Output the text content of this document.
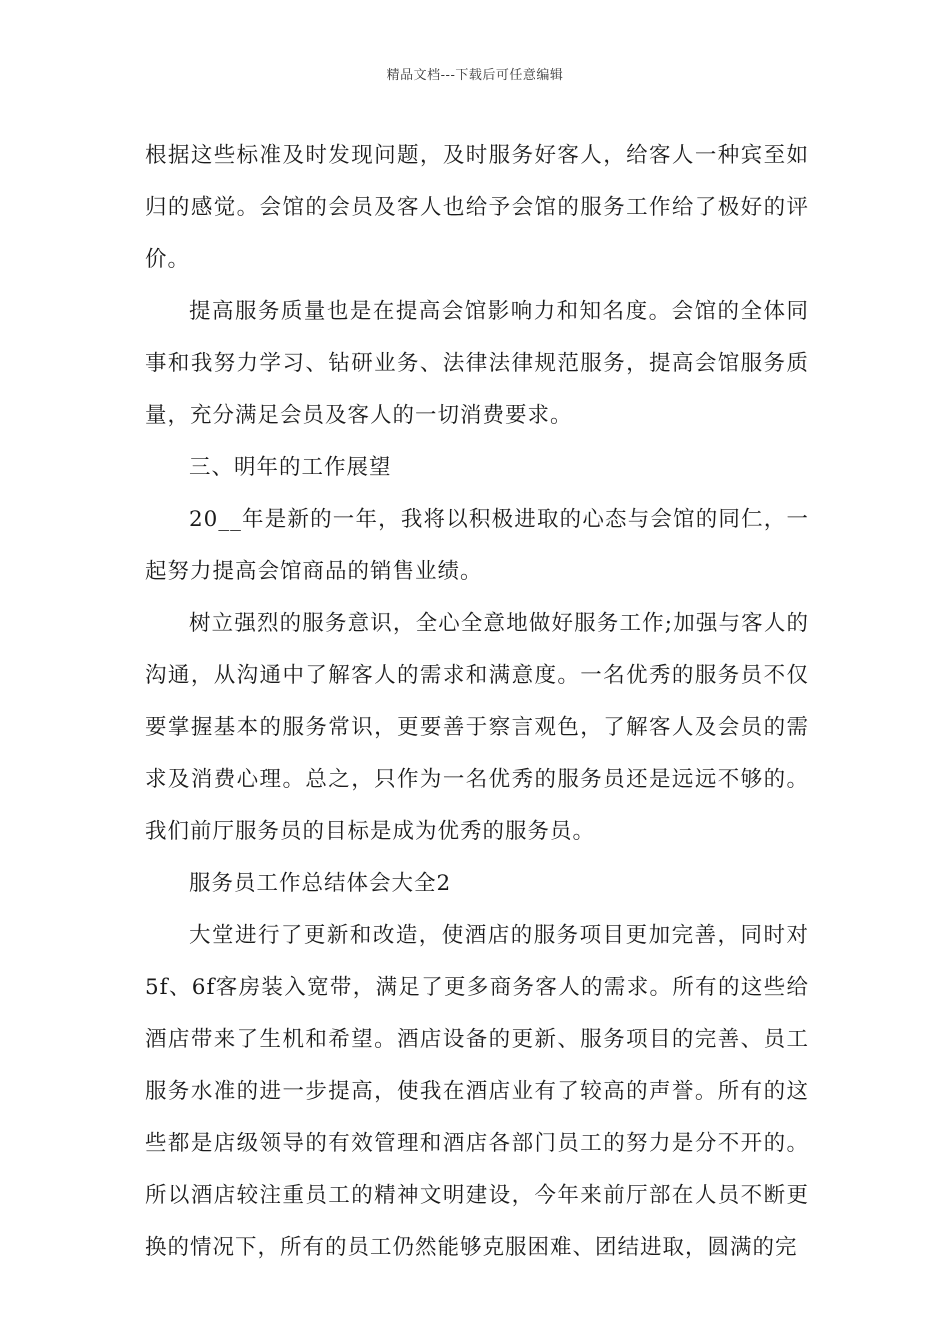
精品文档---下载后可任意编辑

根据这些标准及时发现问题，及时服务好客人，给客人一种宾至如归的感觉。会馆的会员及客人也给予会馆的服务工作给了极好的评价。

提高服务质量也是在提高会馆影响力和知名度。会馆的全体同事和我努力学习、钻研业务、法律法律规范服务，提高会馆服务质量，充分满足会员及客人的一切消费要求。

三、明年的工作展望

20__年是新的一年，我将以积极进取的心态与会馆的同仁，一起努力提高会馆商品的销售业绩。

树立强烈的服务意识，全心全意地做好服务工作;加强与客人的沟通，从沟通中了解客人的需求和满意度。一名优秀的服务员不仅要掌握基本的服务常识，更要善于察言观色，了解客人及会员的需求及消费心理。总之，只作为一名优秀的服务员还是远远不够的。我们前厅服务员的目标是成为优秀的服务员。

服务员工作总结体会大全2

大堂进行了更新和改造，使酒店的服务项目更加完善，同时对5f、6f客房装入宽带，满足了更多商务客人的需求。所有的这些给酒店带来了生机和希望。酒店设备的更新、服务项目的完善、员工服务水准的进一步提高，使我在酒店业有了较高的声誉。所有的这些都是店级领导的有效管理和酒店各部门员工的努力是分不开的。所以酒店较注重员工的精神文明建设，今年来前厅部在人员不断更换的情况下，所有的员工仍然能够克服困难、团结进取，圆满的完
